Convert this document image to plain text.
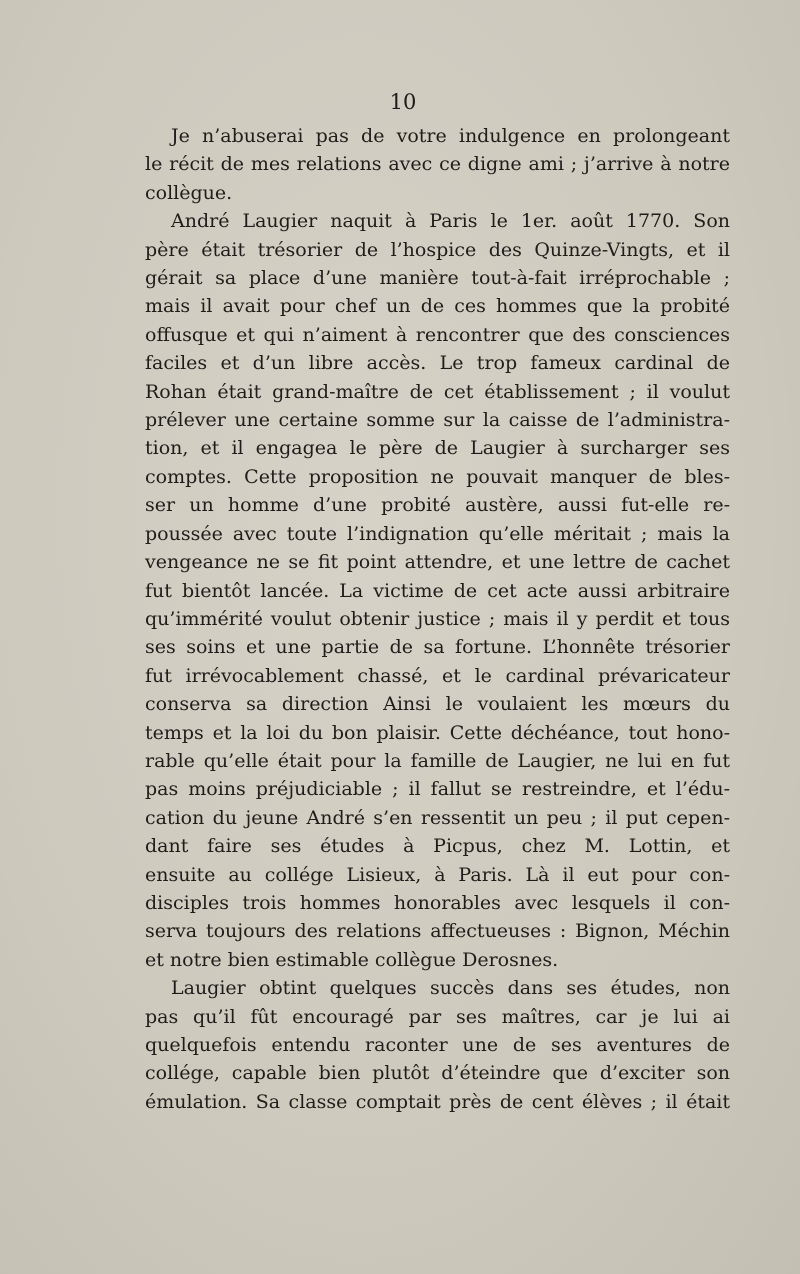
10
Je n’abuserai pas de votre indulgence en prolongeant
le récit de mes relations avec ce digne ami ; j’arrive à notre
collègue.
André Laugier naquit à Paris le 1er. août 1770. Son
père était trésorier de l’hospice des Quinze-Vingts, et il
gérait sa place d’une manière tout-à-fait irréprochable ;
mais il avait pour chef un de ces hommes que la probité
offusque et qui n’aiment à rencontrer que des consciences
faciles et d’un libre accès. Le trop fameux cardinal de
Rohan était grand-maître de cet établissement ; il voulut
prélever une certaine somme sur la caisse de l’administra-
tion, et il engagea le père de Laugier à surcharger ses
comptes. Cette proposition ne pouvait manquer de bles-
ser un homme d’une probité austère, aussi fut-elle re-
poussée avec toute l’indignation qu’elle méritait ; mais la
vengeance ne se fit point attendre, et une lettre de cachet
fut bientôt lancée. La victime de cet acte aussi arbitraire
qu’immérité voulut obtenir justice ; mais il y perdit et tous
ses soins et une partie de sa fortune. L’honnête trésorier
fut irrévocablement chassé, et le cardinal prévaricateur
conserva sa direction Ainsi le voulaient les mœurs du
temps et la loi du bon plaisir. Cette déchéance, tout hono-
rable qu’elle était pour la famille de Laugier, ne lui en fut
pas moins préjudiciable ; il fallut se restreindre, et l’édu-
cation du jeune André s’en ressentit un peu ; il put cepen-
dant faire ses études à Picpus, chez M. Lottin, et
ensuite au collége Lisieux, à Paris. Là il eut pour con-
disciples trois hommes honorables avec lesquels il con-
serva toujours des relations affectueuses : Bignon, Méchin
et notre bien estimable collègue Derosnes.
Laugier obtint quelques succès dans ses études, non
pas qu’il fût encouragé par ses maîtres, car je lui ai
quelquefois entendu raconter une de ses aventures de
collége, capable bien plutôt d’éteindre que d’exciter son
émulation. Sa classe comptait près de cent élèves ; il était
